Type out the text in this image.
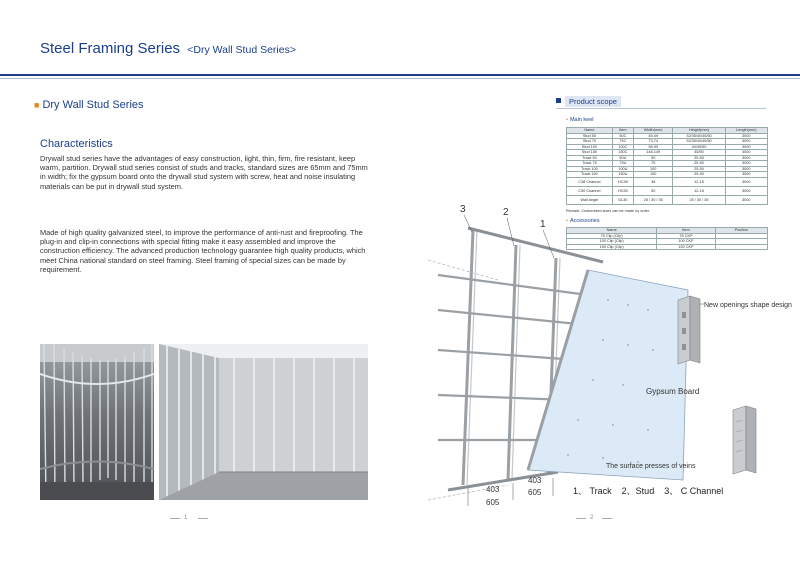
Steel Framing Series <Dry Wall Stud Series>
■ Dry Wall Stud Series
Characteristics
Drywall stud series have the advantages of easy construction, light, thin, firm, fire resistant, keep warm, partition. Drywall stud series consist of studs and tracks, standard sizes are 65mm and 75mm in width; fix the gypsum board onto the drywall stud system with screw, heat and noise insulating materials can be put in drywall stud system.
Made of high quality galvanized steel, to improve the performance of anti-rust and fireproofing. The plug-in and clip-in connections with special fitting make it easy assembled and improve the construction efficiency. The advanced production technology guarantee high quality products, which meet China national standard on steel framing. Steel framing of special sizes can be made by requirement.
1
Product scope
• Main keel
Name	Item	Width(mm)	Height(mm)	Length(mm)
Stud 50	50C	45-49	32/35/40/45/50	3000
Stud 75	75C	73-74	32/35/40/45/50	3000
Stud 100	100C	98-99	40/45/50	3000
Stud 150	150C	148-149	45/50	3000
Track 50	50U	50	25-50	3000
Track 75	75U	75	25-50	3000
Track 100	100U	100	25-50	3000
Track 150	150U	150	25-50	3000
C38 Channel	HC38	38	12-15	3000
C50 Channel	HC50	50	12-15	3000
Wall Angle	DL30	25 / 30 / 35	25 / 30 / 35	3000
Remark: Customized sizes can be made by order.
• Accessories
Name	Item	Pcs/box
75 Clip (Clip)	75 CKP	
100 Clip (Clip)	100 CKP	
150 Clip (Clip)	150 CKP	
3	2
1
New openings shape design
Gypsum Board
The surface presses of veins
403
605
403
605	1、 Track    2、Stud    3、 C Channel
2
